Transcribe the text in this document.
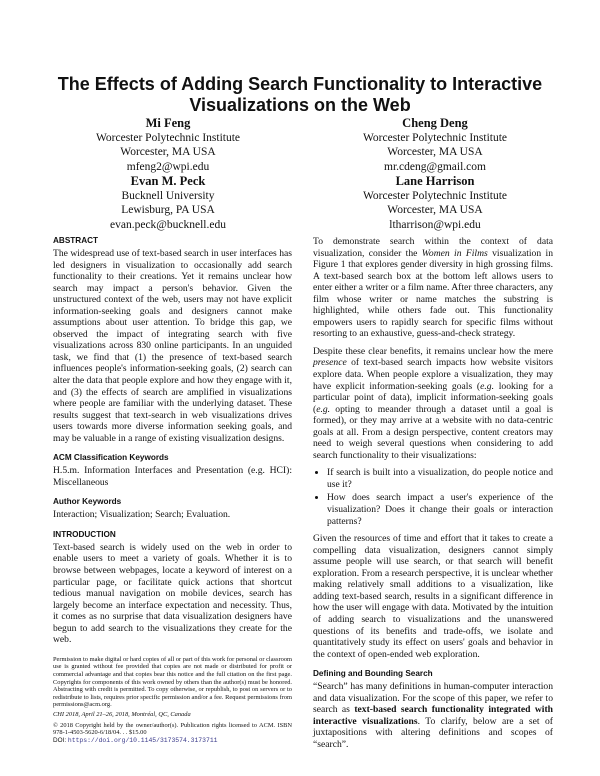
The Effects of Adding Search Functionality to Interactive Visualizations on the Web
Mi Feng
Worcester Polytechnic Institute
Worcester, MA USA
mfeng2@wpi.edu
Cheng Deng
Worcester Polytechnic Institute
Worcester, MA USA
mr.cdeng@gmail.com
Evan M. Peck
Bucknell University
Lewisburg, PA USA
evan.peck@bucknell.edu
Lane Harrison
Worcester Polytechnic Institute
Worcester, MA USA
ltharrison@wpi.edu
ABSTRACT

The widespread use of text-based search in user interfaces has led designers in visualization to occasionally add search functionality to their creations. Yet it remains unclear how search may impact a person's behavior. Given the unstructured context of the web, users may not have explicit information-seeking goals and designers cannot make assumptions about user attention. To bridge this gap, we observed the impact of integrating search with five visualizations across 830 online participants. In an unguided task, we find that (1) the presence of text-based search influences people's information-seeking goals, (2) search can alter the data that people explore and how they engage with it, and (3) the effects of search are amplified in visualizations where people are familiar with the underlying dataset. These results suggest that text-search in web visualizations drives users towards more diverse information seeking goals, and may be valuable in a range of existing visualization designs.

ACM Classification Keywords

H.5.m. Information Interfaces and Presentation (e.g. HCI): Miscellaneous

Author Keywords

Interaction; Visualization; Search; Evaluation.

INTRODUCTION

Text-based search is widely used on the web in order to enable users to meet a variety of goals. Whether it is to browse between webpages, locate a keyword of interest on a particular page, or facilitate quick actions that shortcut tedious manual navigation on mobile devices, search has largely become an interface expectation and necessity. Thus, it comes as no surprise that data visualization designers have begun to add search to the visualizations they create for the web.

Permission to make digital or hard copies of all or part of this work for personal or classroom use is granted without fee provided that copies are not made or distributed for profit or commercial advantage and that copies bear this notice and the full citation on the first page. Copyrights for components of this work owned by others than the author(s) must be honored. Abstracting with credit is permitted. To copy otherwise, or republish, to post on servers or to redistribute to lists, requires prior specific permission and/or a fee. Request permissions from permissions@acm.org.
CHI 2018, April 21–26, 2018, Montréal, QC, Canada
© 2018 Copyright held by the owner/author(s). Publication rights licensed to ACM. ISBN 978-1-4503-5620-6/18/04. . . $15.00
DOI: https://doi.org/10.1145/3173574.3173711

To demonstrate search within the context of data visualization, consider the Women in Films visualization in Figure 1 that explores gender diversity in high grossing films. A text-based search box at the bottom left allows users to enter either a writer or a film name. After three characters, any film whose writer or name matches the substring is highlighted, while others fade out. This functionality empowers users to rapidly search for specific films without resorting to an exhaustive, guess-and-check strategy.

Despite these clear benefits, it remains unclear how the mere presence of text-based search impacts how website visitors explore data. When people explore a visualization, they may have explicit information-seeking goals (e.g. looking for a particular point of data), implicit information-seeking goals (e.g. opting to meander through a dataset until a goal is formed), or they may arrive at a website with no data-centric goals at all. From a design perspective, content creators may need to weigh several questions when considering to add search functionality to their visualizations:

• If search is built into a visualization, do people notice and use it?
• How does search impact a user's experience of the visualization? Does it change their goals or interaction patterns?

Given the resources of time and effort that it takes to create a compelling data visualization, designers cannot simply assume people will use search, or that search will benefit exploration. From a research perspective, it is unclear whether making relatively small additions to a visualization, like adding text-based search, results in a significant difference in how the user will engage with data. Motivated by the intuition of adding search to visualizations and the unanswered questions of its benefits and trade-offs, we isolate and quantitatively study its effect on users' goals and behavior in the context of open-ended web exploration.

Defining and Bounding Search

“Search” has many definitions in human-computer interaction and data visualization. For the scope of this paper, we refer to search as text-based search functionality integrated with interactive visualizations. To clarify, below are a set of juxtapositions with altering definitions and scopes of “search”.
